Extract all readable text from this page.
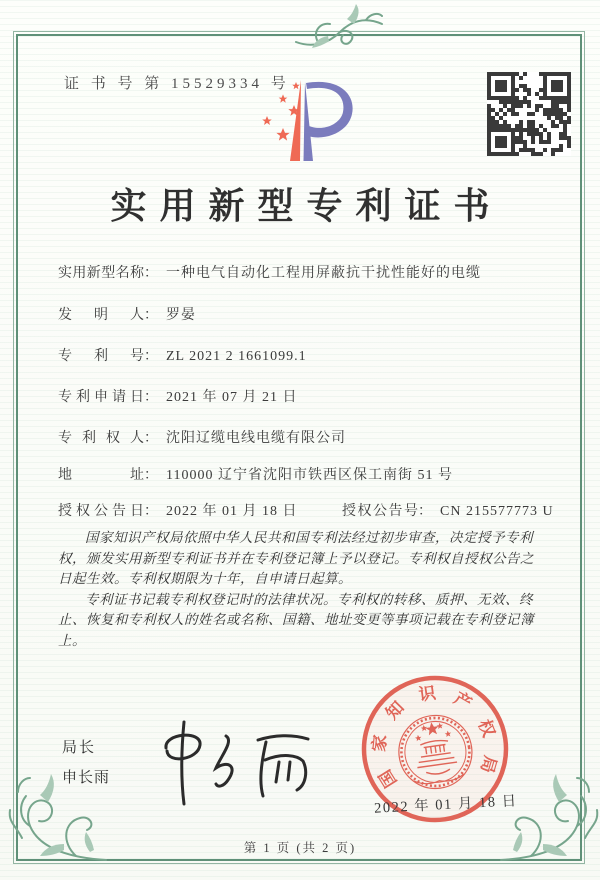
证 书 号 第 15529334 号
实用新型专利证书
实用新型名称： 一种电气自动化工程用屏蔽抗干扰性能好的电缆
发明人： 罗晏
专利号： ZL 2021 2 1661099.1
专利申请日： 2021 年 07 月 21 日
专利权人： 沈阳辽缆电线电缆有限公司
地址： 110000 辽宁省沈阳市铁西区保工南街 51 号
授权公告日： 2022 年 01 月 18 日	授权公告号： CN 215577773 U

国家知识产权局依照中华人民共和国专利法经过初步审查，决定授予专利权，颁发实用新型专利证书并在专利登记簿上予以登记。专利权自授权公告之日起生效。专利权期限为十年，自申请日起算。

专利证书记载专利权登记时的法律状况。专利权的转移、质押、无效、终止、恢复和专利权人的姓名或名称、国籍、地址变更等事项记载在专利登记簿上。

局长
申长雨	国
家
知
识 产
权
局
2022 年 01 月 18 日
第 1 页 (共 2 页)
